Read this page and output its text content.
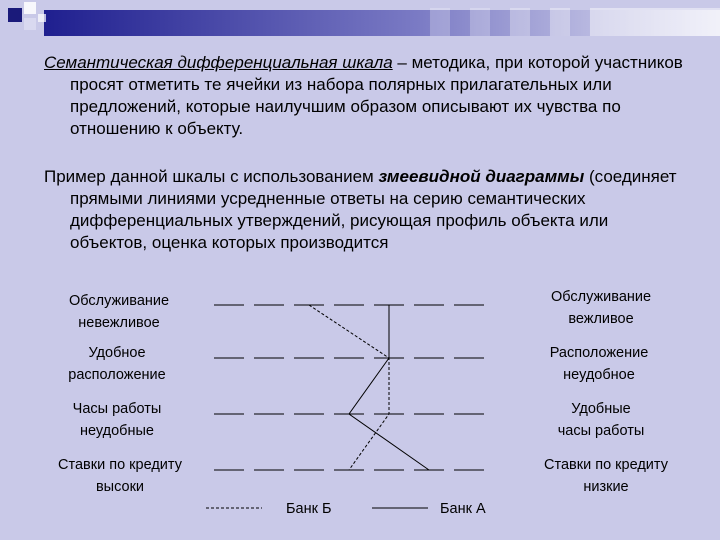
Семантическая дифференциальная шкала – методика, при которой участников просят отметить те ячейки из набора полярных прилагательных или предложений, которые наилучшим образом описывают их чувства по отношению к объекту.
Пример данной шкалы с использованием змеевидной диаграммы (соединяет прямыми линиями усредненные ответы на серию семантических дифференциальных утверждений, рисующая профиль объекта или объектов, оценка которых производится
Обслуживание
невежливое
Обслуживание
вежливое
Удобное
расположение
Расположение
неудобное
Часы работы
неудобные
Удобные
часы работы
Ставки по кредиту
высоки
Ставки по кредиту
низкие
Банк Б	Банк А
